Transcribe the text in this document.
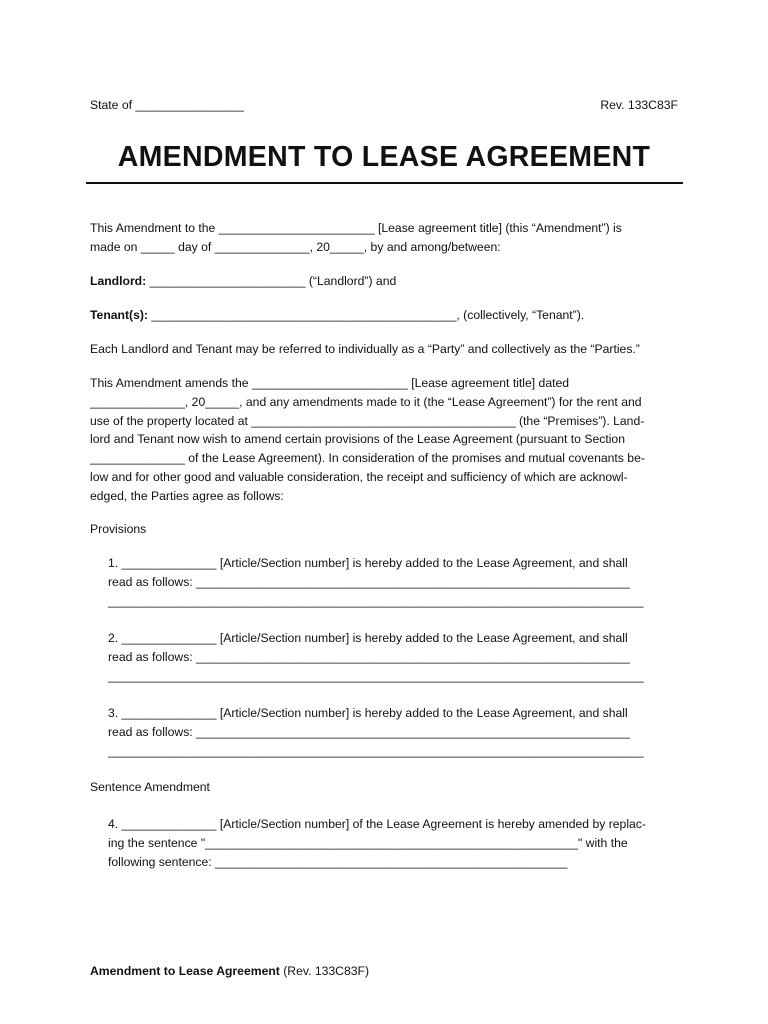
State of ________________	Rev. 133C83F
AMENDMENT TO LEASE AGREEMENT
This Amendment to the _______________________ [Lease agreement title] (this “Amendment”) is
made on _____ day of ______________, 20_____, by and among/between:
Landlord: _______________________ (“Landlord”) and
Tenant(s): _____________________________________________, (collectively, “Tenant”).
Each Landlord and Tenant may be referred to individually as a “Party” and collectively as the “Parties.”
This Amendment amends the _______________________ [Lease agreement title] dated
______________, 20_____, and any amendments made to it (the “Lease Agreement”) for the rent and
use of the property located at _______________________________________ (the “Premises”). Land-
lord and Tenant now wish to amend certain provisions of the Lease Agreement (pursuant to Section
______________ of the Lease Agreement). In consideration of the promises and mutual covenants be-
low and for other good and valuable consideration, the receipt and sufficiency of which are acknowl-
edged, the Parties agree as follows:
Provisions
1. ______________ [Article/Section number] is hereby added to the Lease Agreement, and shall
read as follows: ________________________________________________________________
_______________________________________________________________________________
2. ______________ [Article/Section number] is hereby added to the Lease Agreement, and shall
read as follows: ________________________________________________________________
_______________________________________________________________________________
3. ______________ [Article/Section number] is hereby added to the Lease Agreement, and shall
read as follows: ________________________________________________________________
_______________________________________________________________________________
Sentence Amendment
4. ______________ [Article/Section number] of the Lease Agreement is hereby amended by replac-
ing the sentence "_______________________________________________________" with the
following sentence: ____________________________________________________
Amendment to Lease Agreement (Rev. 133C83F)
